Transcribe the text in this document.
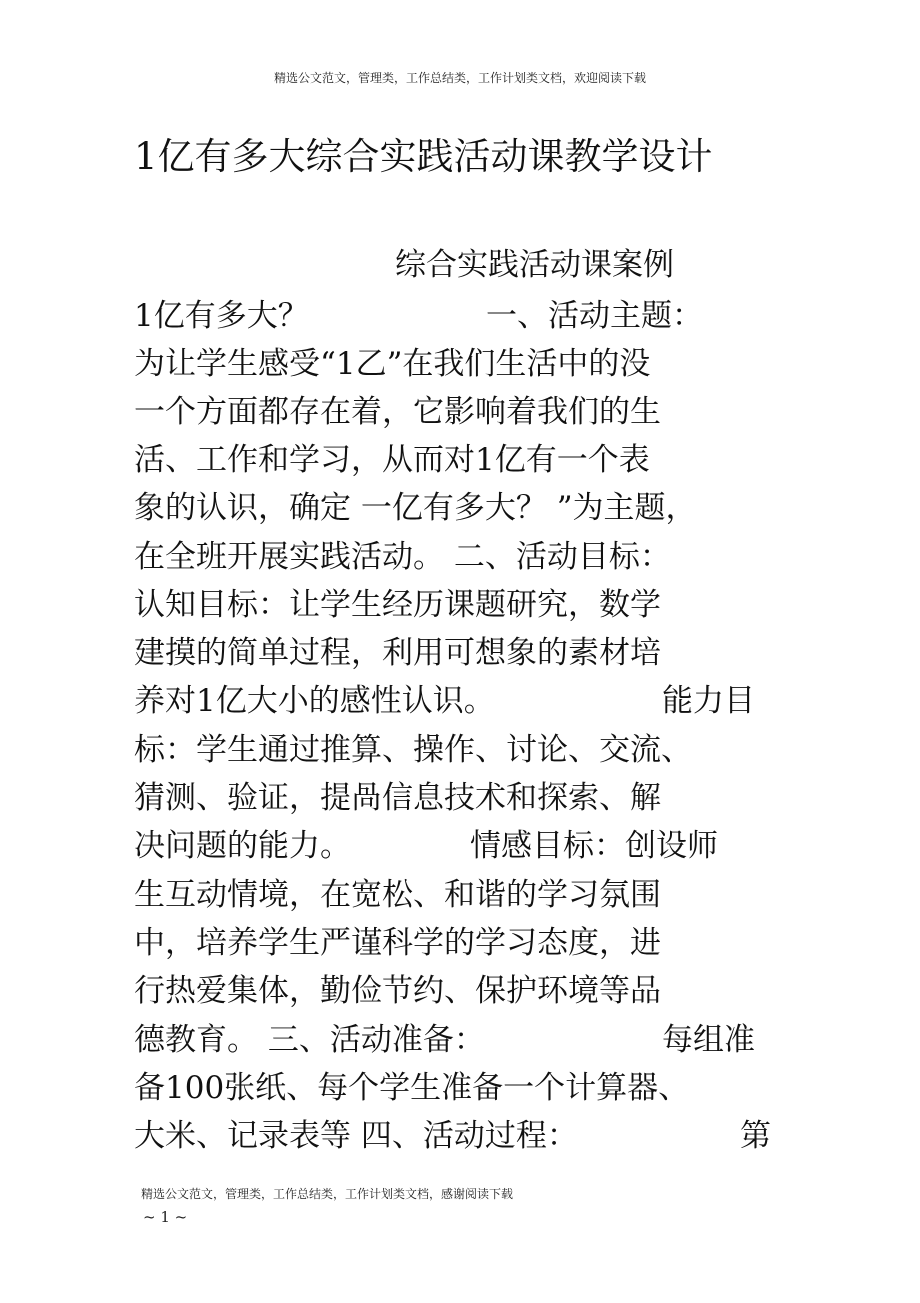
精选公文范文，管理类，工作总结类，工作计划类文档，欢迎阅读下载
1亿有多大综合实践活动课教学设计
综合实践活动课案例
1亿有多大？	一、活动主题：
为让学生感受“1乙”在我们生活中的没
一个方面都存在着，它影响着我们的生
活、工作和学习，从而对1亿有一个表
象的认识，确定 一亿有多大？ ”为主题，
在全班开展实践活动。 二、活动目标：
认知目标：让学生经历课题研究，数学
建摸的简单过程，利用可想象的素材培
养对1亿大小的感性认识。	能力目
标：学生通过推算、操作、讨论、交流、
猜测、验证，提咼信息技术和探索、解
决问题的能力。	情感目标：创设师
生互动情境，在宽松、和谐的学习氛围
中，培养学生严谨科学的学习态度，进
行热爱集体，勤俭节约、保护环境等品
德教育。 三、活动准备：	每组准
备100张纸、每个学生准备一个计算器、
大米、记录表等 四、活动过程：	第
精选公文范文，管理类，工作总结类，工作计划类文档，感谢阅读下载
~ 1 ~
